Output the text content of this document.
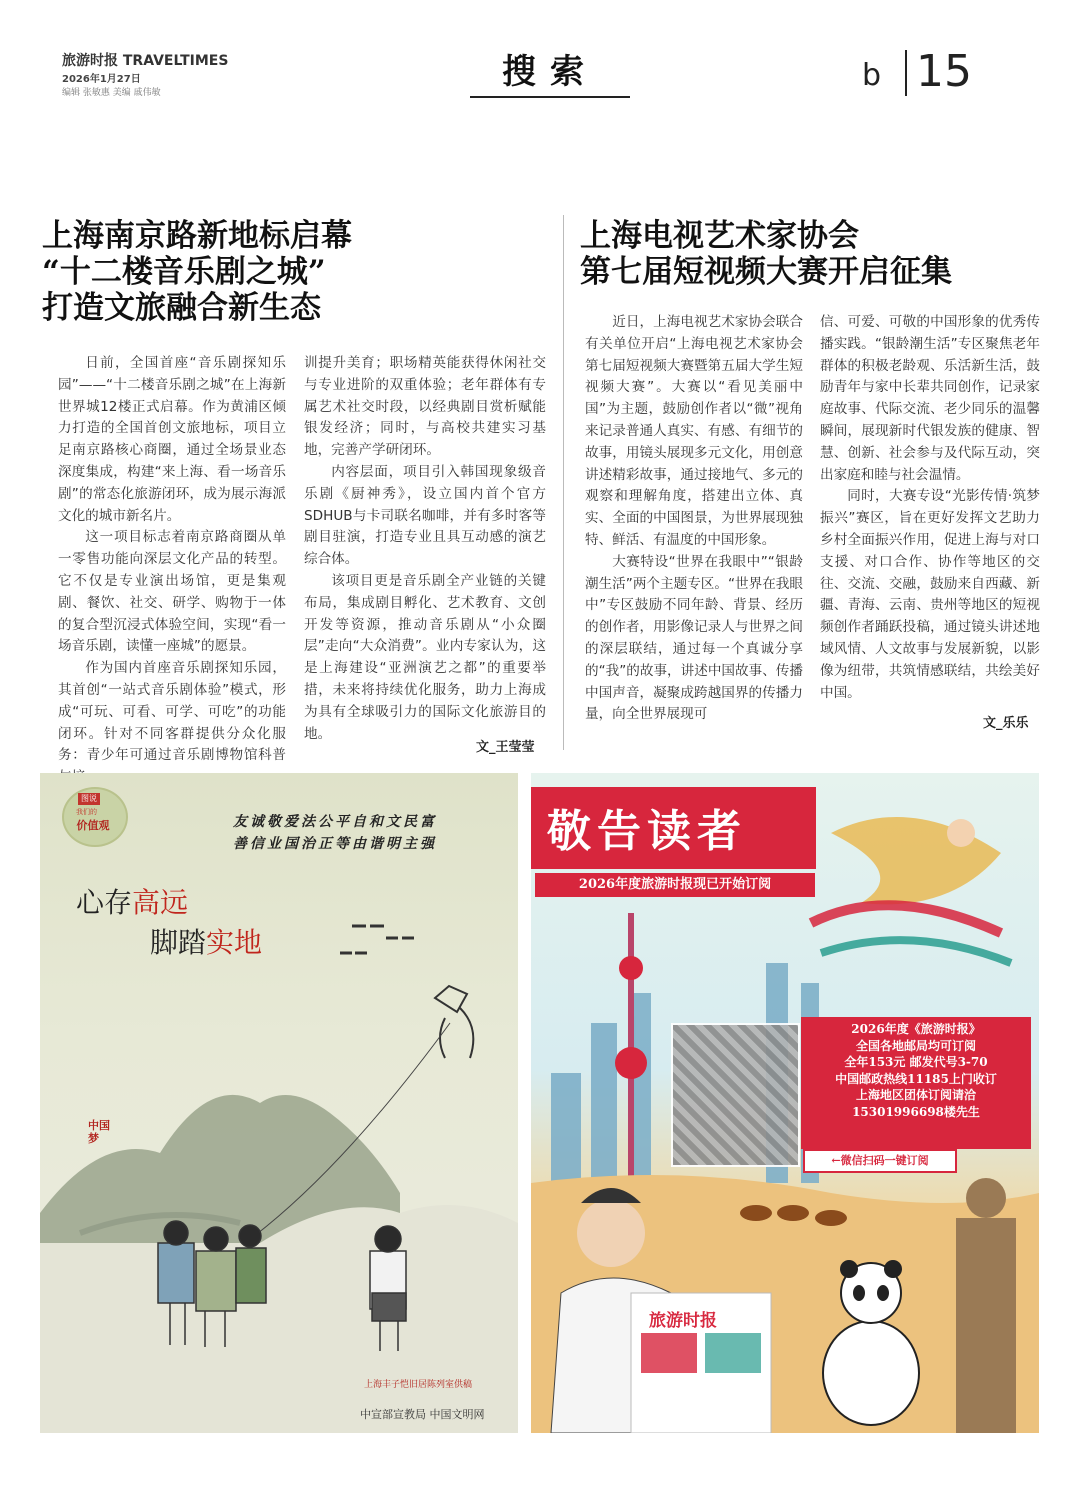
旅游时报 TRAVELTIMES
2026年1月27日
编辑 张敏惠 美编 戚伟敏
搜索	b 15
上海南京路新地标启幕
“十二楼音乐剧之城”
打造文旅融合新生态

日前，全国首座“音乐剧探知乐园”——“十二楼音乐剧之城”在上海新世界城12楼正式启幕。作为黄浦区倾力打造的全国首创文旅地标，项目立足南京路核心商圈，通过全场景业态深度集成，构建“来上海、看一场音乐剧”的常态化旅游闭环，成为展示海派文化的城市新名片。

这一项目标志着南京路商圈从单一零售功能向深层文化产品的转型。它不仅是专业演出场馆，更是集观剧、餐饮、社交、研学、购物于一体的复合型沉浸式体验空间，实现“看一场音乐剧，读懂一座城”的愿景。

作为国内首座音乐剧探知乐园，其首创“一站式音乐剧体验”模式，形成“可玩、可看、可学、可吃”的功能闭环。针对不同客群提供分众化服务：青少年可通过音乐剧博物馆科普

训提升美育；职场精英能获得休闲社交与专业进阶的双重体验；老年群体有专属艺术社交时段，以经典剧目赏析赋能银发经济；同时，与高校共建实习基地，完善产学研闭环。

内容层面，项目引入韩国现象级音乐剧《厨神秀》，设立国内首个官方SDHUB与卡司联名咖啡，并有多时客等剧目驻演，打造专业且具互动感的演艺综合体。

该项目更是音乐剧全产业链的关键布局，集成剧目孵化、艺术教育、文创开发等资源，推动音乐剧从“小众圈层”走向“大众消费”。业内专家认为，这是上海建设“亚洲演艺之都”的重要举措，未来将持续优化服务，助力上海成为具有全球吸引力的国际文化旅游目的地。

文_王莹莹
上海电视艺术家协会
第七届短视频大赛开启征集

近日，上海电视艺术家协会联合有关单位开启“上海电视艺术家协会第七届短视频大赛暨第五届大学生短视频大赛”。大赛以“看见美丽中国”为主题，鼓励创作者以“微”视角来记录普通人真实、有感、有细节的故事，用镜头展现多元文化，用创意讲述精彩故事，通过接地气、多元的观察和理解角度，搭建出立体、真实、全面的中国图景，为世界展现独特、鲜活、有温度的中国形象。

大赛特设“世界在我眼中”“银龄潮生活”两个主题专区。“世界在我眼中”专区鼓励不同年龄、背景、经历的创作者，用影像记录人与世界之间的深层联结，通过每一个真诚分享的“我”的故事，讲述中国故事、传播中国声音，凝聚成跨越国界的传播力量，向全世界展现可

信、可爱、可敬的中国形象的优秀传播实践。“银龄潮生活”专区聚焦老年群体的积极老龄观、乐活新生活，鼓励青年与家中长辈共同创作，记录家庭故事、代际交流、老少同乐的温馨瞬间，展现新时代银发族的健康、智慧、创新、社会参与及代际互动，突出家庭和睦与社会温情。

同时，大赛专设“光影传情·筑梦振兴”赛区，旨在更好发挥文艺助力乡村全面振兴作用，促进上海与对口支援、对口合作、协作等地区的交往、交流、交融，鼓励来自西藏、新疆、青海、云南、贵州等地区的短视频创作者踊跃投稿，通过镜头讲述地域风情、人文故事与发展新貌，以影像为纽带，共筑情感联结，共绘美好中国。

文_乐乐
图说
我们的
价值观	友诚敬爱法公平自和文民富
善信业国治正等由谐明主强
心存高远
脚踏实地
中国梦
上海丰子恺旧居陈列室供稿
中宣部宣教局 中国文明网
敬告读者
2026年度旅游时报现已开始订阅
2026年度《旅游时报》
全国各地邮局均可订阅
全年153元 邮发代号3-70
中国邮政热线11185上门收订
上海地区团体订阅请洽
15301996698楼先生
←微信扫码一键订阅
旅游时报
